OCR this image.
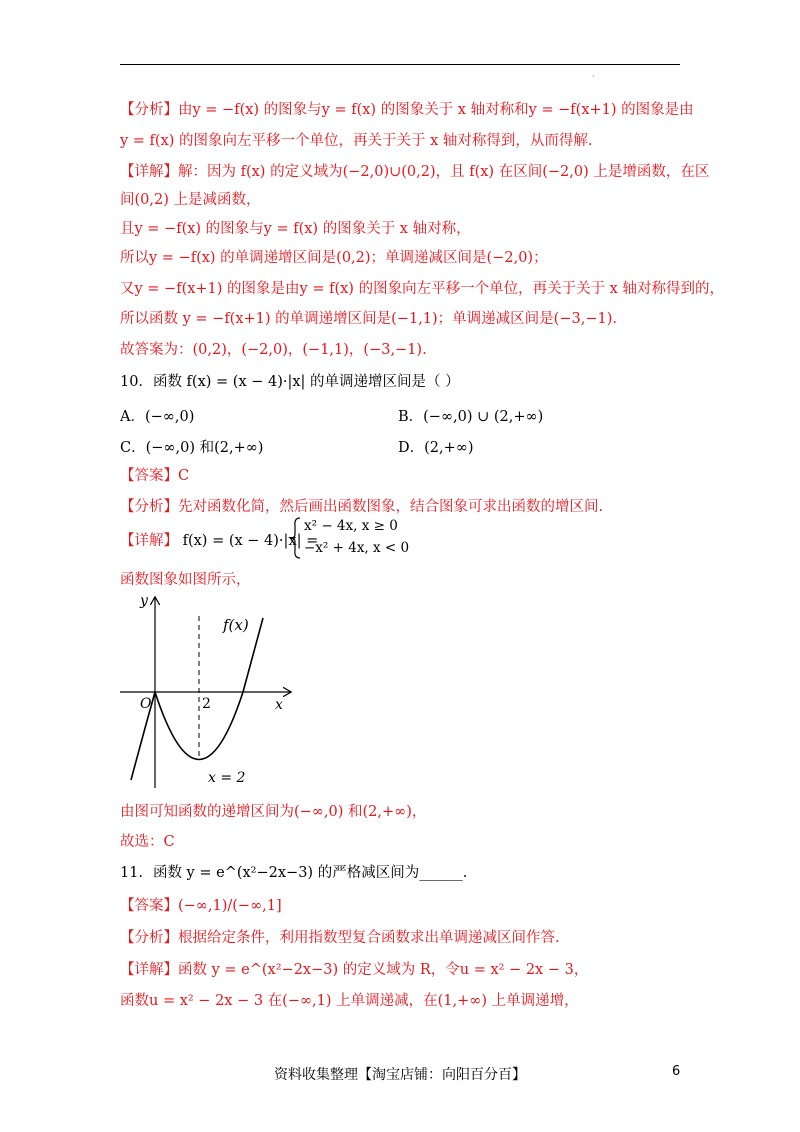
·
【分析】由y = −f(x) 的图象与y = f(x) 的图象关于 x 轴对称和y = −f(x+1) 的图象是由
y = f(x) 的图象向左平移一个单位，再关于关于 x 轴对称得到，从而得解.
【详解】解：因为 f(x) 的定义域为(−2,0)∪(0,2)，且 f(x) 在区间(−2,0) 上是增函数，在区
间(0,2) 上是减函数，
且y = −f(x) 的图象与y = f(x) 的图象关于 x 轴对称，
所以y = −f(x) 的单调递增区间是(0,2)；单调递减区间是(−2,0)；
又y = −f(x+1) 的图象是由y = f(x) 的图象向左平移一个单位，再关于关于 x 轴对称得到的，
所以函数 y = −f(x+1) 的单调递增区间是(−1,1)；单调递减区间是(−3,−1).
故答案为：(0,2)，(−2,0)，(−1,1)，(−3,−1).
10．函数 f(x) = (x − 4)·|x| 的单调递增区间是（ ）
A．(−∞,0)	B．(−∞,0) ∪ (2,+∞)
C．(−∞,0) 和(2,+∞)	D．(2,+∞)
【答案】C
【分析】先对函数化简，然后画出函数图象，结合图象可求出函数的增区间.
【详解】 f(x) = (x − 4)·|x| =
x² − 4x, x ≥ 0
−x² + 4x, x < 0
函数图象如图所示，
y
x
O	2
f(x)
x = 2
由图可知函数的递增区间为(−∞,0) 和(2,+∞)，
故选：C
11．函数 y = e^(x²−2x−3) 的严格减区间为______.
【答案】(−∞,1)/(−∞,1]
【分析】根据给定条件，利用指数型复合函数求出单调递减区间作答.
【详解】函数 y = e^(x²−2x−3) 的定义域为 R，令u = x² − 2x − 3，
函数u = x² − 2x − 3 在(−∞,1) 上单调递减，在(1,+∞) 上单调递增，
资料收集整理【淘宝店铺：向阳百分百】	6
